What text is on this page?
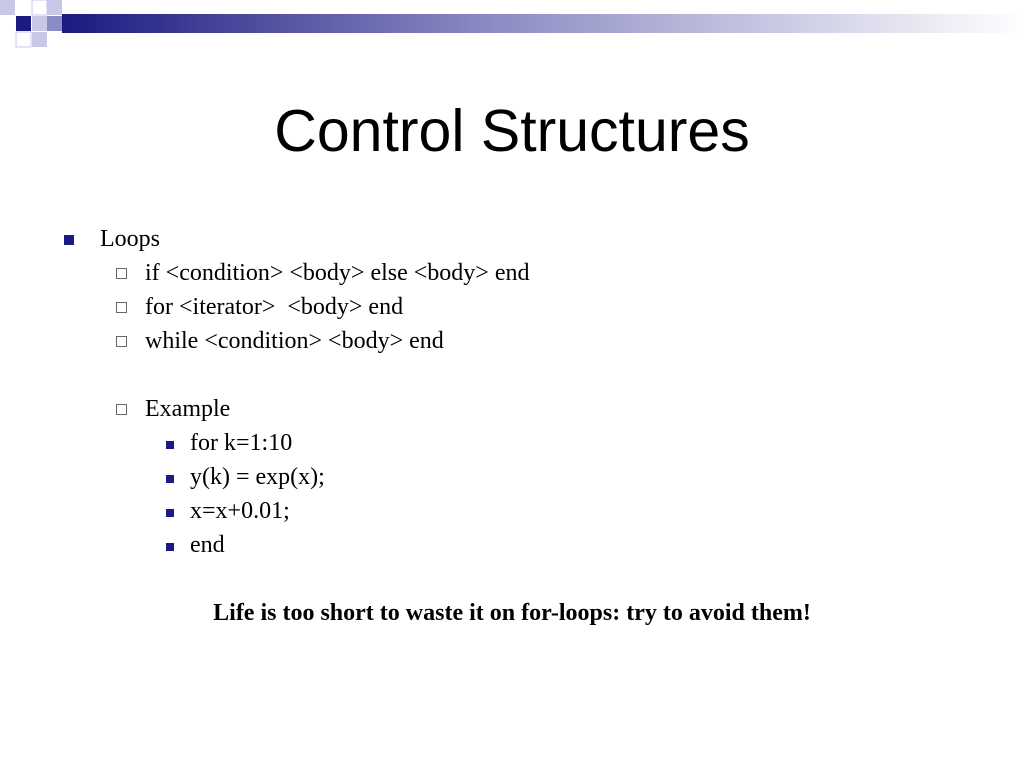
Control Structures
Loops
if <condition> <body> else <body> end
for <iterator>  <body> end
while <condition> <body> end
Example
for k=1:10
y(k) = exp(x);
x=x+0.01;
end
Life is too short to waste it on for-loops: try to avoid them!
